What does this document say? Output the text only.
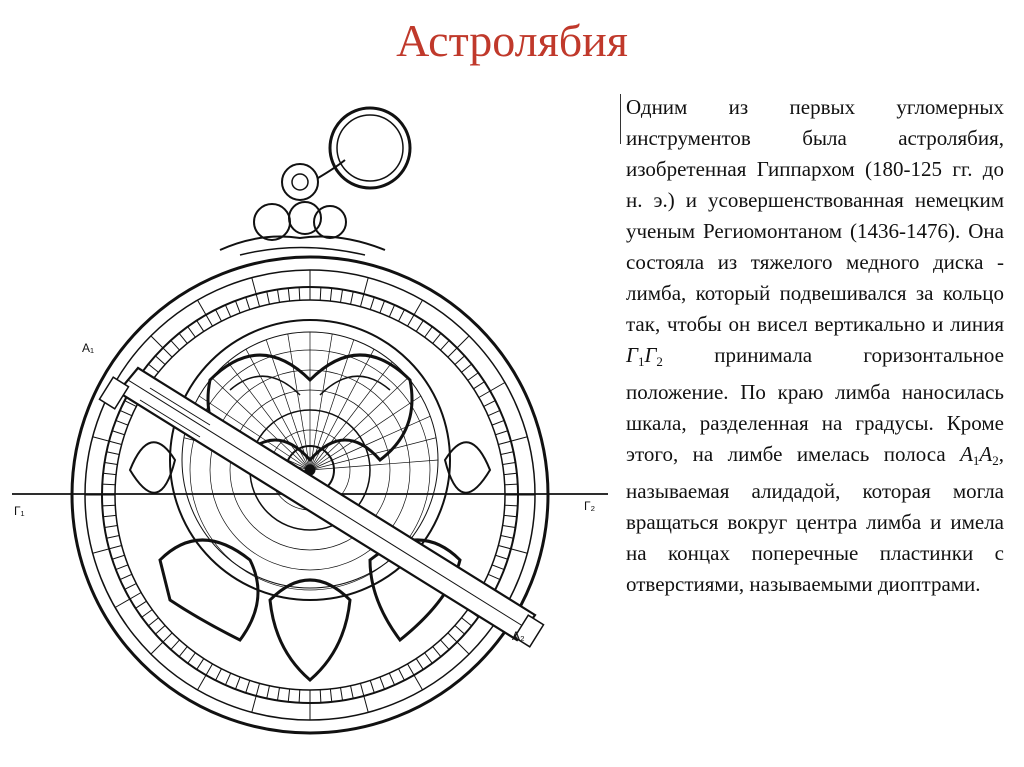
Астролябия
A₁
A₂
Г₁	Г₂
Одним из первых угломерных инструментов была астролябия, изобретенная Гиппархом (180-125 гг. до н. э.) и усовершенствованная немецким ученым Региомонтаном (1436-1476). Она состояла из тяжелого медного диска - лимба, который подвешивался за кольцо так, чтобы он висел вертикально и линия $Г_1Г_2$ принимала горизонтальное положение. По краю лимба наносилась шкала, разделенная на градусы. Кроме этого, на лимбе имелась полоса $A_1A_2$, называемая алидадой, которая могла вращаться вокруг центра лимба и имела на концах поперечные пластинки с отверстиями, называемыми диоптрами.
